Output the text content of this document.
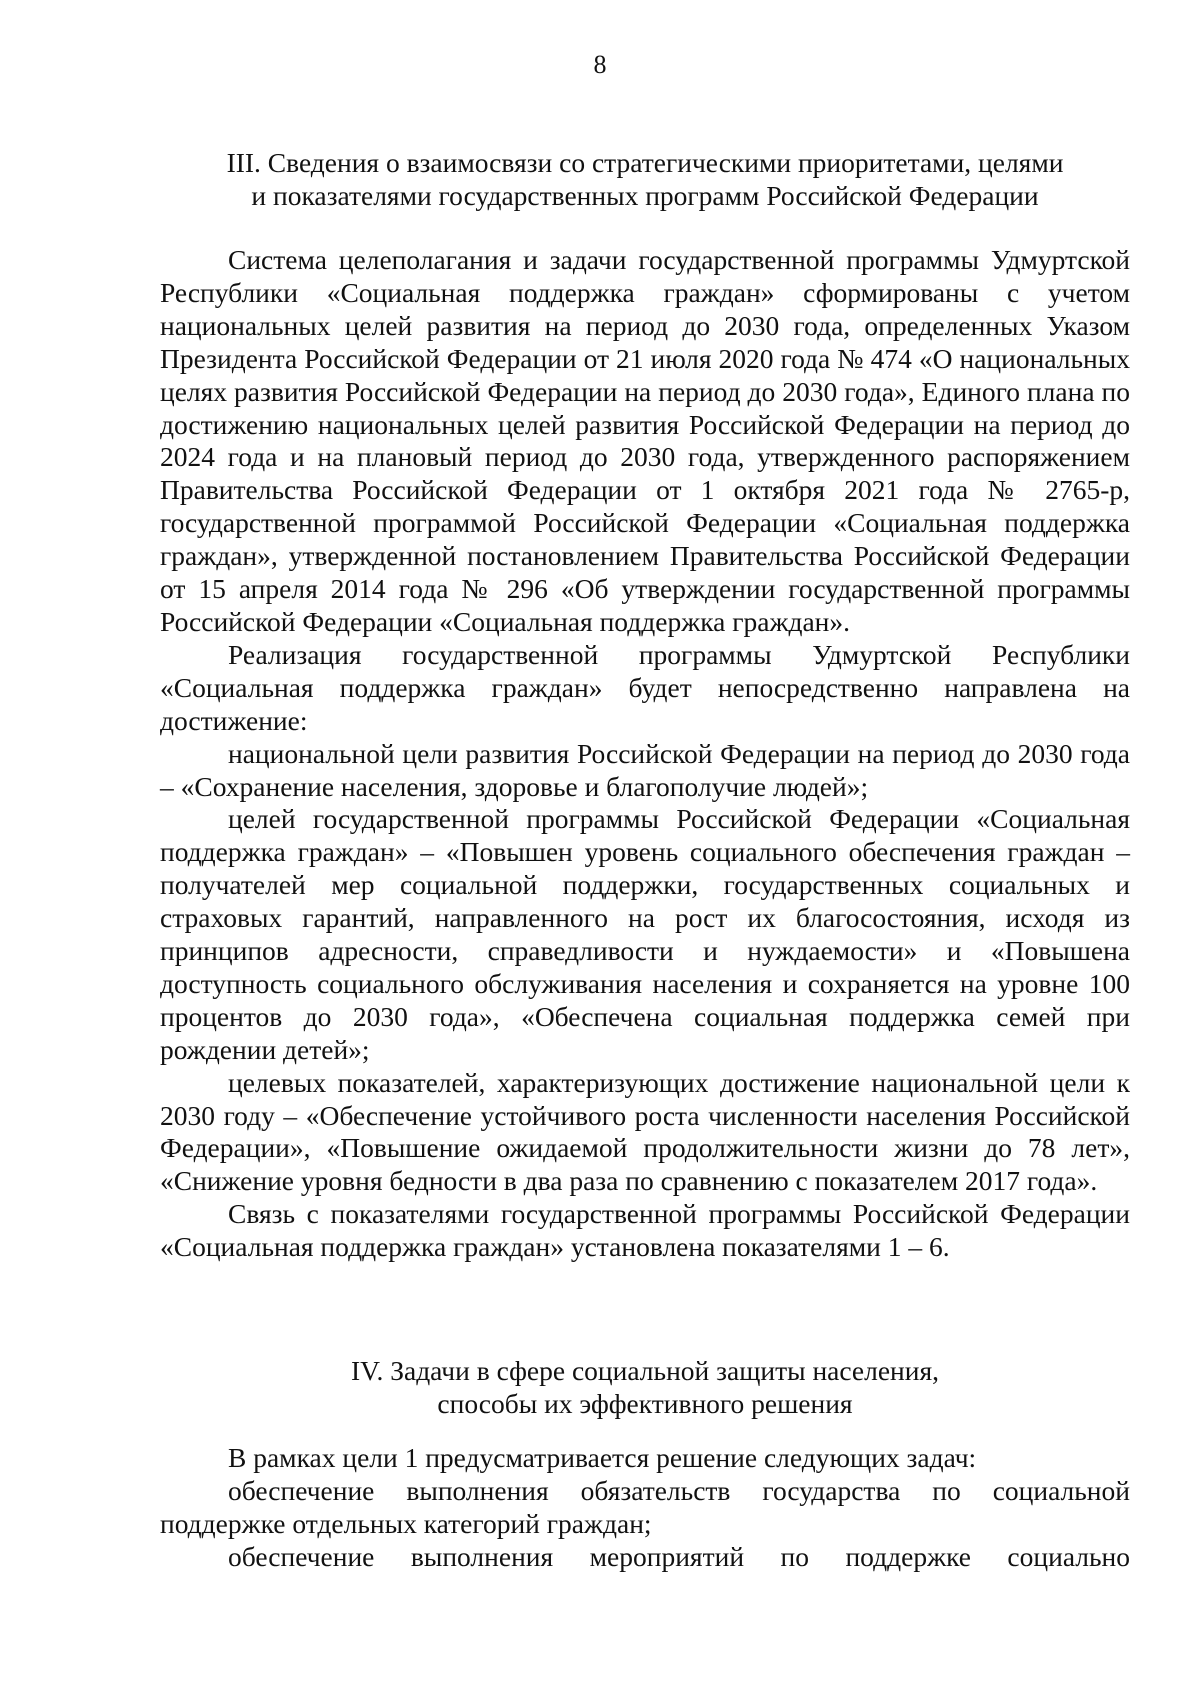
8
III. Сведения о взаимосвязи со стратегическими приоритетами, целями
и показателями государственных программ Российской Федерации

Система целеполагания и задачи государственной программы Удмуртской Республики «Социальная поддержка граждан» сформированы с учетом национальных целей развития на период до 2030 года, определенных Указом Президента Российской Федерации от 21 июля 2020 года № 474 «О национальных целях развития Российской Федерации на период до 2030 года», Единого плана по достижению национальных целей развития Российской Федерации на период до 2024 года и на плановый период до 2030 года, утвержденного распоряжением Правительства Российской Федерации от 1 октября 2021 года № 2765-р, государственной программой Российской Федерации «Социальная поддержка граждан», утвержденной постановлением Правительства Российской Федерации от 15 апреля 2014 года № 296 «Об утверждении государственной программы Российской Федерации «Социальная поддержка граждан».

Реализация государственной программы Удмуртской Республики «Социальная поддержка граждан» будет непосредственно направлена на достижение:

национальной цели развития Российской Федерации на период до 2030 года – «Сохранение населения, здоровье и благополучие людей»;

целей государственной программы Российской Федерации «Социальная поддержка граждан» – «Повышен уровень социального обеспечения граждан – получателей мер социальной поддержки, государственных социальных и страховых гарантий, направленного на рост их благосостояния, исходя из принципов адресности, справедливости и нуждаемости» и «Повышена доступность социального обслуживания населения и сохраняется на уровне 100 процентов до 2030 года», «Обеспечена социальная поддержка семей при рождении детей»;

целевых показателей, характеризующих достижение национальной цели к 2030 году – «Обеспечение устойчивого роста численности населения Российской Федерации», «Повышение ожидаемой продолжительности жизни до 78 лет», «Снижение уровня бедности в два раза по сравнению с показателем 2017 года».

Связь с показателями государственной программы Российской Федерации «Социальная поддержка граждан» установлена показателями 1 – 6.

IV. Задачи в сфере социальной защиты населения,
способы их эффективного решения

В рамках цели 1 предусматривается решение следующих задач:

обеспечение выполнения обязательств государства по социальной поддержке отдельных категорий граждан;

обеспечение выполнения мероприятий по поддержке социально
